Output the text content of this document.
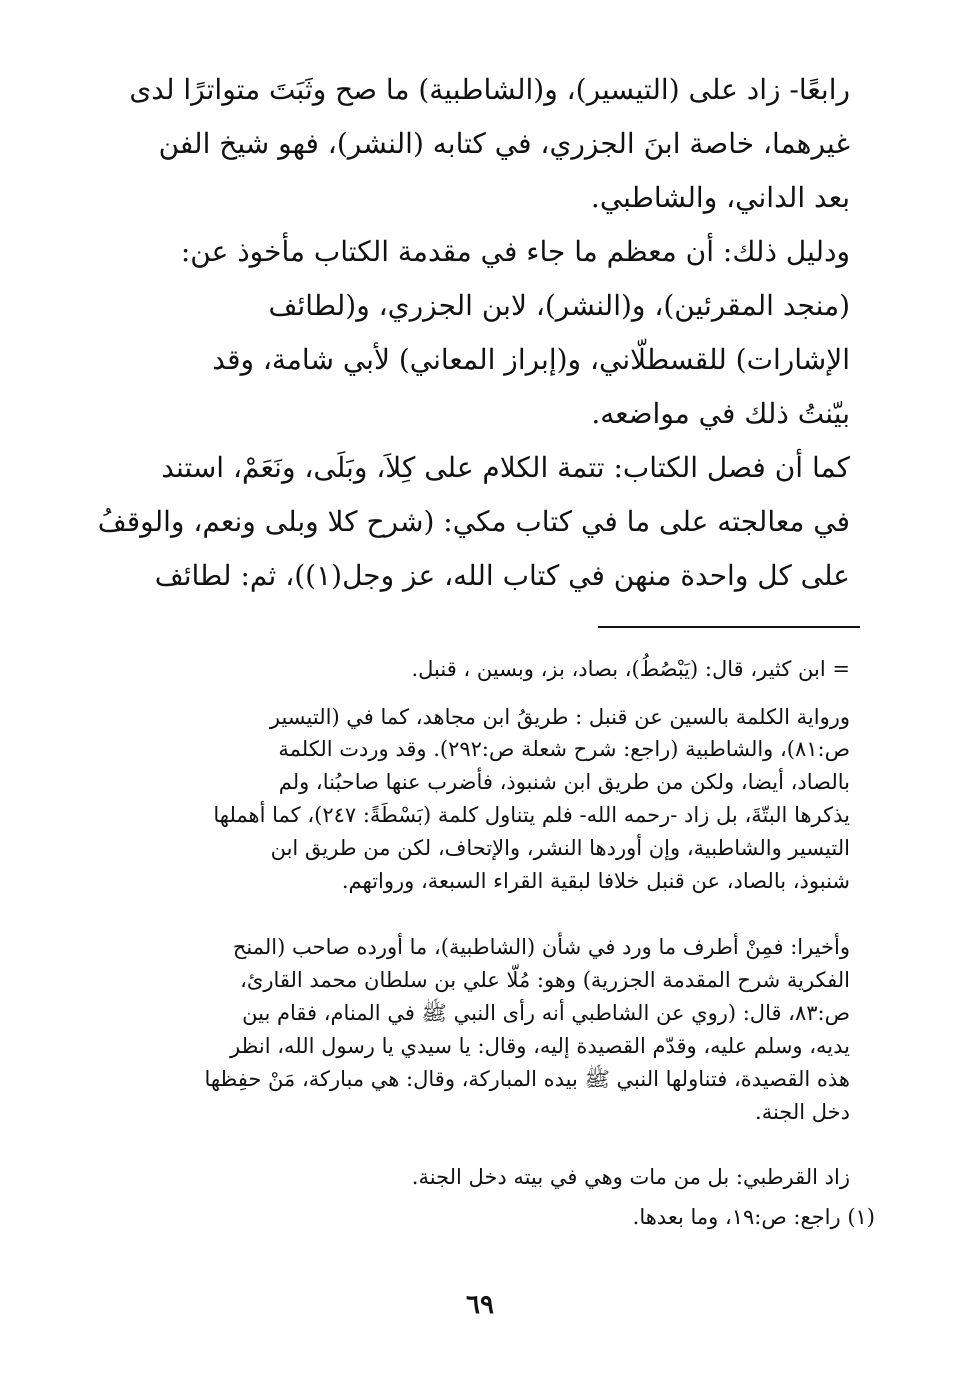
رابعًا- زاد على (التيسير)، و(الشاطبية) ما صح وثَبَتَ متواترًا لدى
غيرهما، خاصة ابنَ الجزري، في كتابه (النشر)، فهو شيخ الفن
بعد الداني، والشاطبي.
ودليل ذلك: أن معظم ما جاء في مقدمة الكتاب مأخوذ عن:
(منجد المقرئين)، و(النشر)، لابن الجزري، و(لطائف
الإشارات) للقسطلّاني، و(إبراز المعاني) لأبي شامة، وقد
بيّنتُ ذلك في مواضعه.
كما أن فصل الكتاب: تتمة الكلام على كِلاَ، وبَلَى، ونَعَمْ، استند
في معالجته على ما في كتاب مكي: (شرح كلا وبلى ونعم، والوقفُ
على كل واحدة منهن في كتاب الله، عز وجل(١))، ثم: لطائف
= ابن كثير، قال: (يَبْصُطُ)، بصاد، بز، وبسين ، قنبل.
ورواية الكلمة بالسين عن قنبل : طريقُ ابن مجاهد، كما في (التيسير
ص:٨١)، والشاطبية (راجع: شرح شعلة ص:٢٩٢). وقد وردت الكلمة
بالصاد، أيضا، ولكن من طريق ابن شنبوذ، فأضرب عنها صاحبُنا، ولم
يذكرها البتّةَ، بل زاد -رحمه الله- فلم يتناول كلمة (بَسْطَةً: ٢٤٧)، كما أهملها
التيسير والشاطبية، وإن أوردها النشر، والإتحاف، لكن من طريق ابن
شنبوذ، بالصاد، عن قنبل خلافا لبقية القراء السبعة، ورواتهم.
وأخيرا: فمِنْ أطرف ما ورد في شأن (الشاطبية)، ما أورده صاحب (المنح
الفكرية شرح المقدمة الجزرية) وهو: مُلّا علي بن سلطان محمد القارئ،
ص:٨٣، قال: (روي عن الشاطبي أنه رأى النبي ﷺ في المنام، فقام بين
يديه، وسلم عليه، وقدّم القصيدة إليه، وقال: يا سيدي يا رسول الله، انظر
هذه القصيدة، فتناولها النبي ﷺ بيده المباركة، وقال: هي مباركة، مَنْ حفِظها
دخل الجنة.
زاد القرطبي: بل من مات وهي في بيته دخل الجنة.
(١) راجع: ص:١٩، وما بعدها.
٦٩
